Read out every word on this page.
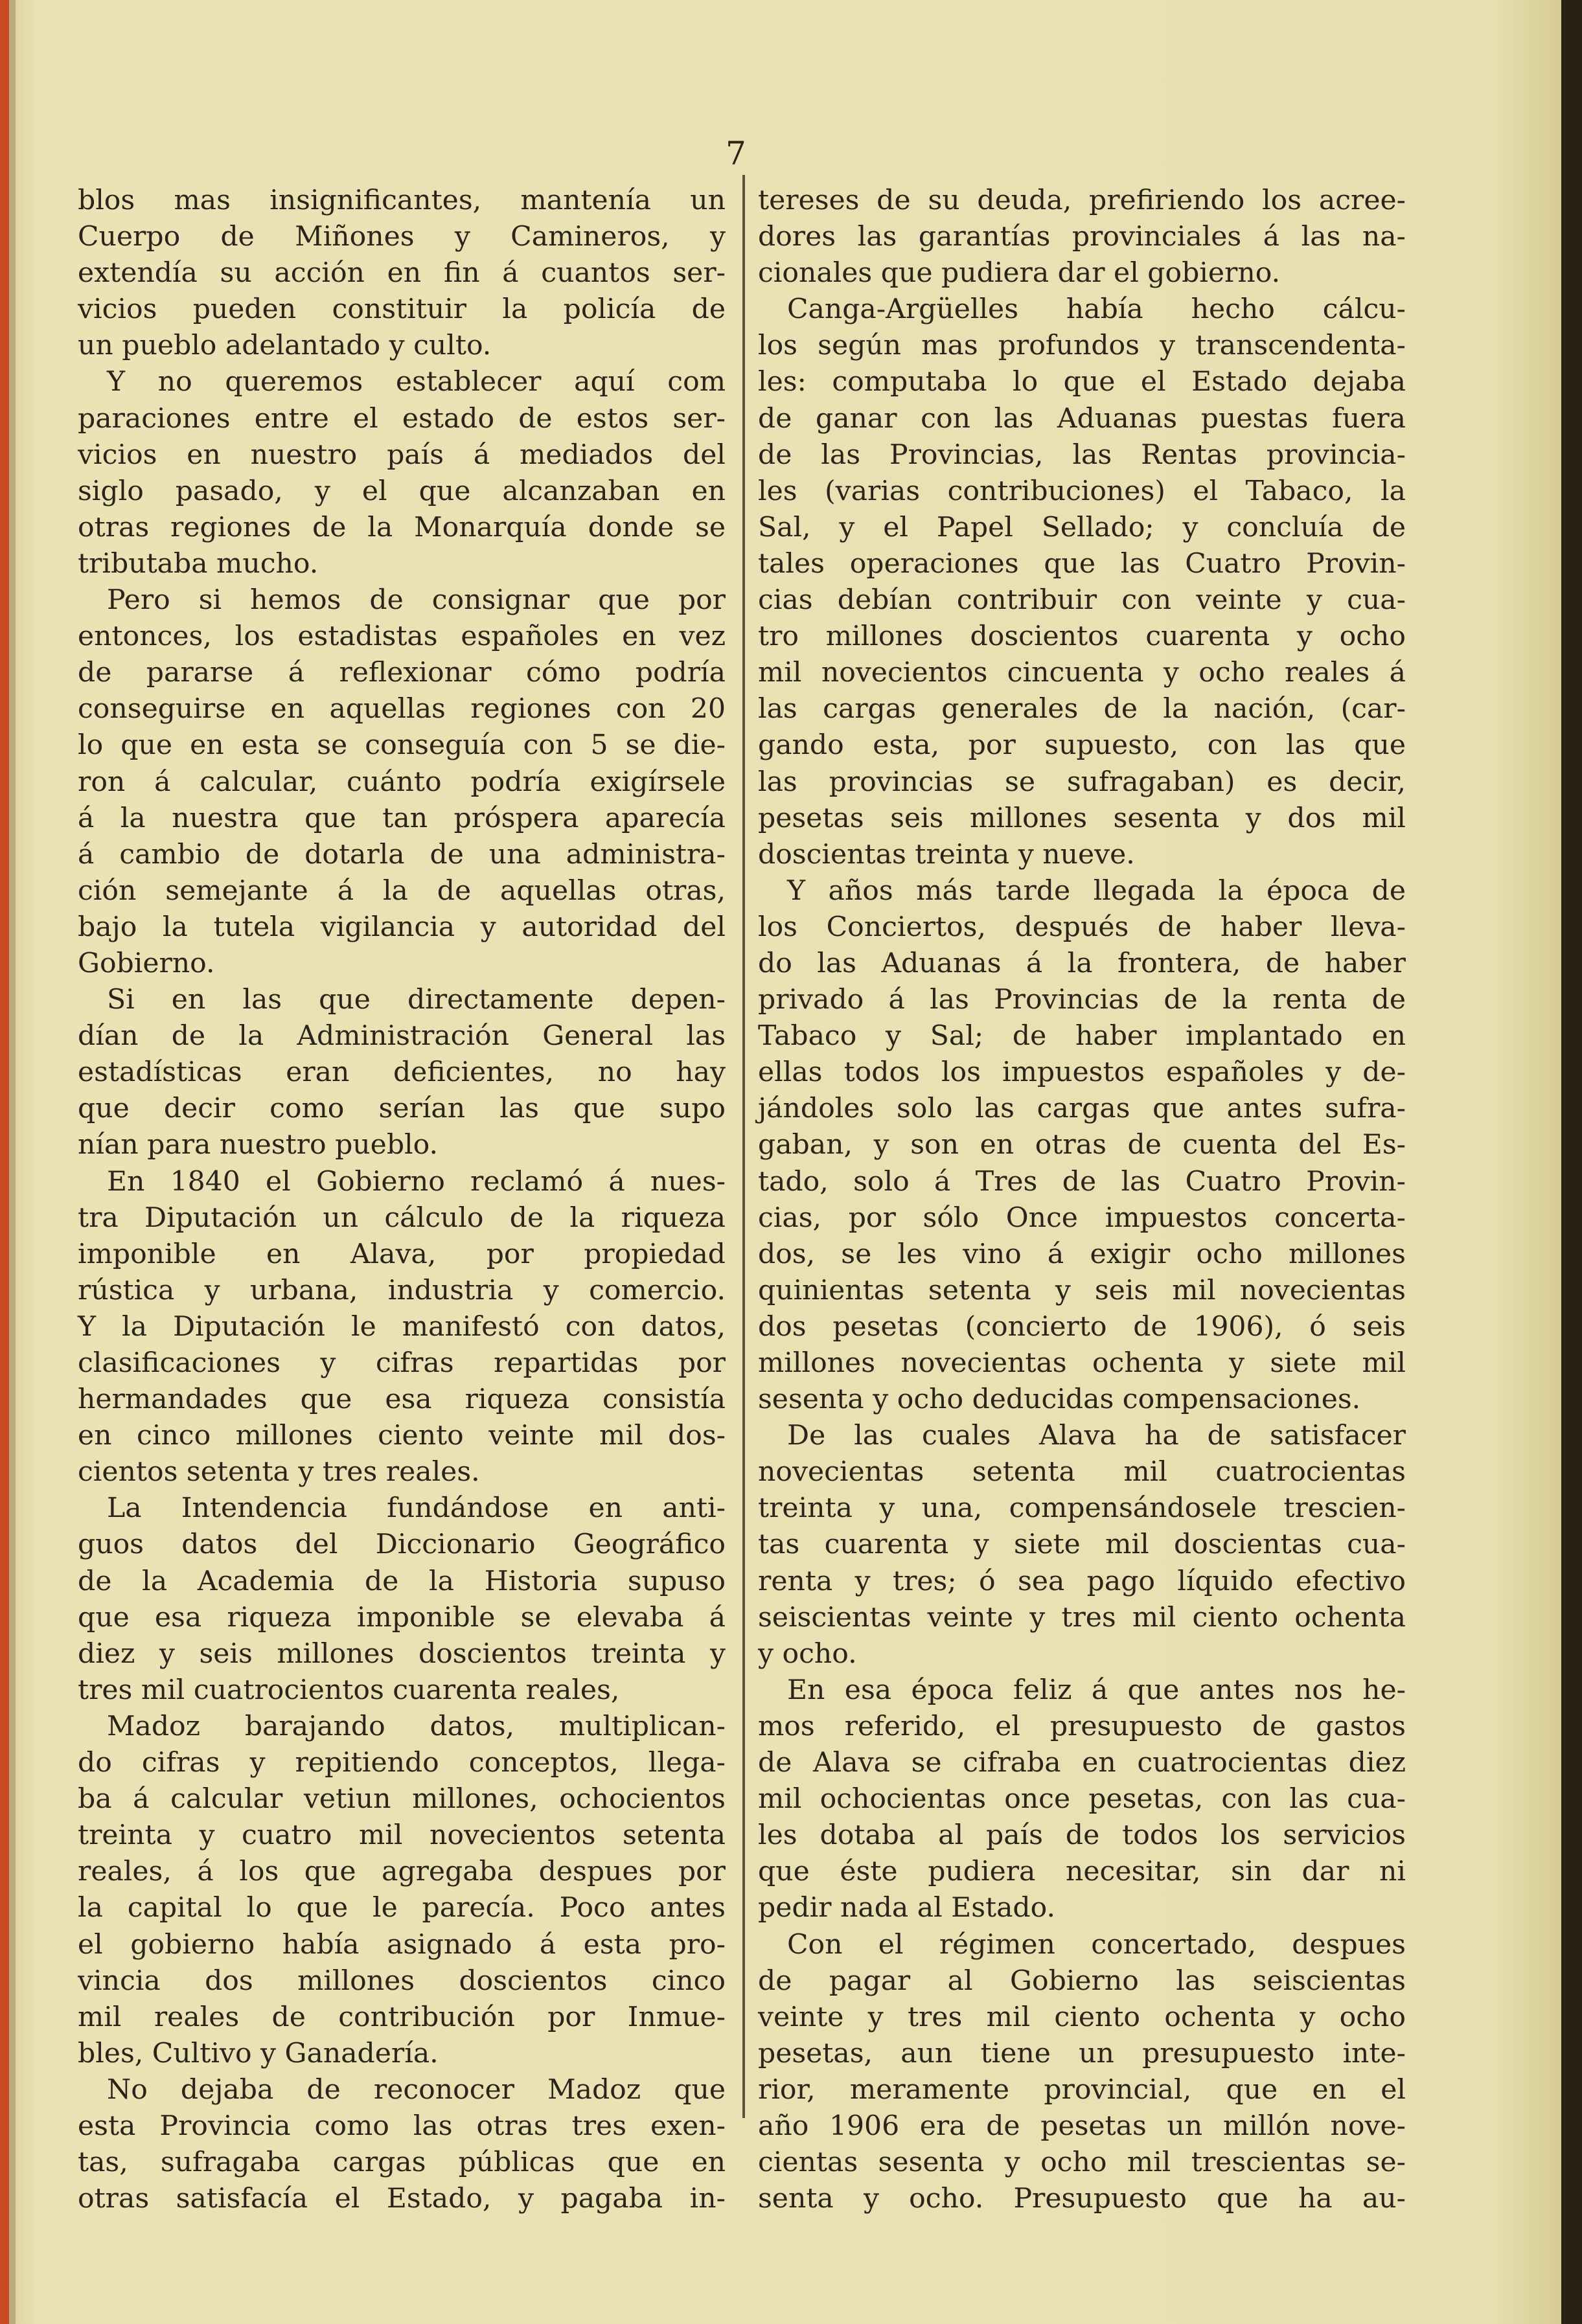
7
blos mas insignificantes, mantenía un
Cuerpo de Miñones y Camineros, y
extendía su acción en fin á cuantos ser-
vicios pueden constituir la policía de
un pueblo adelantado y culto.
Y no queremos establecer aquí com
paraciones entre el estado de estos ser-
vicios en nuestro país á mediados del
siglo pasado, y el que alcanzaban en
otras regiones de la Monarquía donde se
tributaba mucho.
Pero si hemos de consignar que por
entonces, los estadistas españoles en vez
de pararse á reflexionar cómo podría
conseguirse en aquellas regiones con 20
lo que en esta se conseguía con 5 se die-
ron á calcular, cuánto podría exigírsele
á la nuestra que tan próspera aparecía
á cambio de dotarla de una administra-
ción semejante á la de aquellas otras,
bajo la tutela vigilancia y autoridad del
Gobierno.
Si en las que directamente depen-
dían de la Administración General las
estadísticas eran deficientes, no hay
que decir como serían las que supo
nían para nuestro pueblo.
En 1840 el Gobierno reclamó á nues-
tra Diputación un cálculo de la riqueza
imponible en Alava, por propiedad
rústica y urbana, industria y comercio.
Y la Diputación le manifestó con datos,
clasificaciones y cifras repartidas por
hermandades que esa riqueza consistía
en cinco millones ciento veinte mil dos-
cientos setenta y tres reales.
La Intendencia fundándose en anti-
guos datos del Diccionario Geográfico
de la Academia de la Historia supuso
que esa riqueza imponible se elevaba á
diez y seis millones doscientos treinta y
tres mil cuatrocientos cuarenta reales,
Madoz barajando datos, multiplican-
do cifras y repitiendo conceptos, llega-
ba á calcular vetiun millones, ochocientos
treinta y cuatro mil novecientos setenta
reales, á los que agregaba despues por
la capital lo que le parecía. Poco antes
el gobierno había asignado á esta pro-
vincia dos millones doscientos cinco
mil reales de contribución por Inmue-
bles, Cultivo y Ganadería.
No dejaba de reconocer Madoz que
esta Provincia como las otras tres exen-
tas, sufragaba cargas públicas que en
otras satisfacía el Estado, y pagaba in-
tereses de su deuda, prefiriendo los acree-
dores las garantías provinciales á las na-
cionales que pudiera dar el gobierno.
Canga-Argüelles había hecho cálcu-
los según mas profundos y transcendenta-
les: computaba lo que el Estado dejaba
de ganar con las Aduanas puestas fuera
de las Provincias, las Rentas provincia-
les (varias contribuciones) el Tabaco, la
Sal, y el Papel Sellado; y concluía de
tales operaciones que las Cuatro Provin-
cias debían contribuir con veinte y cua-
tro millones doscientos cuarenta y ocho
mil novecientos cincuenta y ocho reales á
las cargas generales de la nación, (car-
gando esta, por supuesto, con las que
las provincias se sufragaban) es decir,
pesetas seis millones sesenta y dos mil
doscientas treinta y nueve.
Y años más tarde llegada la época de
los Conciertos, después de haber lleva-
do las Aduanas á la frontera, de haber
privado á las Provincias de la renta de
Tabaco y Sal; de haber implantado en
ellas todos los impuestos españoles y de-
jándoles solo las cargas que antes sufra-
gaban, y son en otras de cuenta del Es-
tado, solo á Tres de las Cuatro Provin-
cias, por sólo Once impuestos concerta-
dos, se les vino á exigir ocho millones
quinientas setenta y seis mil novecientas
dos pesetas (concierto de 1906), ó seis
millones novecientas ochenta y siete mil
sesenta y ocho deducidas compensaciones.
De las cuales Alava ha de satisfacer
novecientas setenta mil cuatrocientas
treinta y una, compensándosele trescien-
tas cuarenta y siete mil doscientas cua-
renta y tres; ó sea pago líquido efectivo
seiscientas veinte y tres mil ciento ochenta
y ocho.
En esa época feliz á que antes nos he-
mos referido, el presupuesto de gastos
de Alava se cifraba en cuatrocientas diez
mil ochocientas once pesetas, con las cua-
les dotaba al país de todos los servicios
que éste pudiera necesitar, sin dar ni
pedir nada al Estado.
Con el régimen concertado, despues
de pagar al Gobierno las seiscientas
veinte y tres mil ciento ochenta y ocho
pesetas, aun tiene un presupuesto inte-
rior, meramente provincial, que en el
año 1906 era de pesetas un millón nove-
cientas sesenta y ocho mil trescientas se-
senta y ocho. Presupuesto que ha au-
